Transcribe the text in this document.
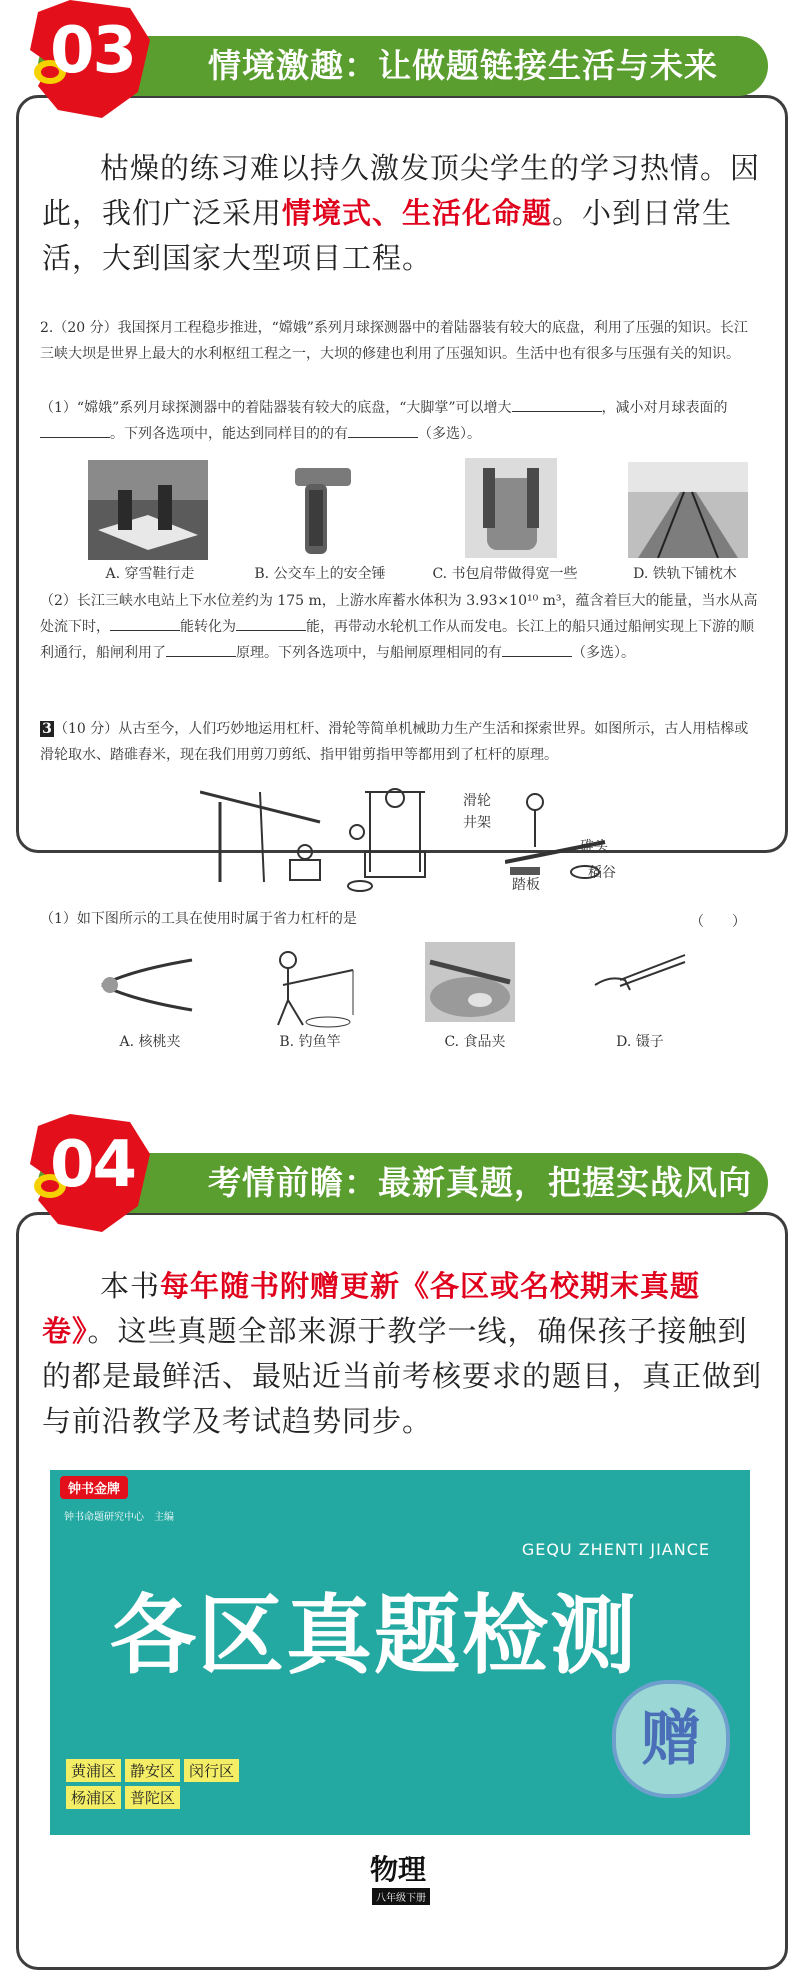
情境激趣：让做题链接生活与未来
03
枯燥的练习难以持久激发顶尖学生的学习热情。因此，我们广泛采用情境式、生活化命题。小到日常生活，大到国家大型项目工程。
2.（20 分）我国探月工程稳步推进，“嫦娥”系列月球探测器中的着陆器装有较大的底盘，利用了压强的知识。长江三峡大坝是世界上最大的水利枢纽工程之一，大坝的修建也利用了压强知识。生活中也有很多与压强有关的知识。
（1）“嫦娥”系列月球探测器中的着陆器装有较大的底盘，“大脚掌”可以增大	，减小对月球表面的。下列各选项中，能达到同样目的的有	（多选）。
A. 穿雪鞋行走	B. 公交车上的安全锤	C. 书包肩带做得宽一些	D. 铁轨下铺枕木
（2）长江三峡水电站上下水位差约为 175 m，上游水库蓄水体积为 3.93×10¹⁰ m³，蕴含着巨大的能量，当水从高处流下时，	能转化为	能，再带动水轮机工作从而发电。长江上的船只通过船闸实现上下游的顺利通行，船闸利用了	原理。下列各选项中，与船闸原理相同的有	（多选）。
3 （10 分）从古至今，人们巧妙地运用杠杆、滑轮等简单机械助力生产生活和探索世界。如图所示，古人用桔槔或滑轮取水、踏碓舂米，现在我们用剪刀剪纸、指甲钳剪指甲等都用到了杠杆的原理。
滑轮
井架
碓头
稻谷
踏板
（1）如下图所示的工具在使用时属于省力杠杆的是	（　　）
A. 核桃夹	B. 钓鱼竿	C. 食品夹	D. 镊子
考情前瞻：最新真题，把握实战风向
04
本书每年随书附赠更新《各区或名校期末真题卷》。这些真题全部来源于教学一线，确保孩子接触到的都是最鲜活、最贴近当前考核要求的题目，真正做到与前沿教学及考试趋势同步。
钟书金牌
钟书命题研究中心　主编
GEQU ZHENTI JIANCE
各区真题检测
黄浦区 静安区 闵行区
杨浦区 普陀区
赠
物理
八年级下册
